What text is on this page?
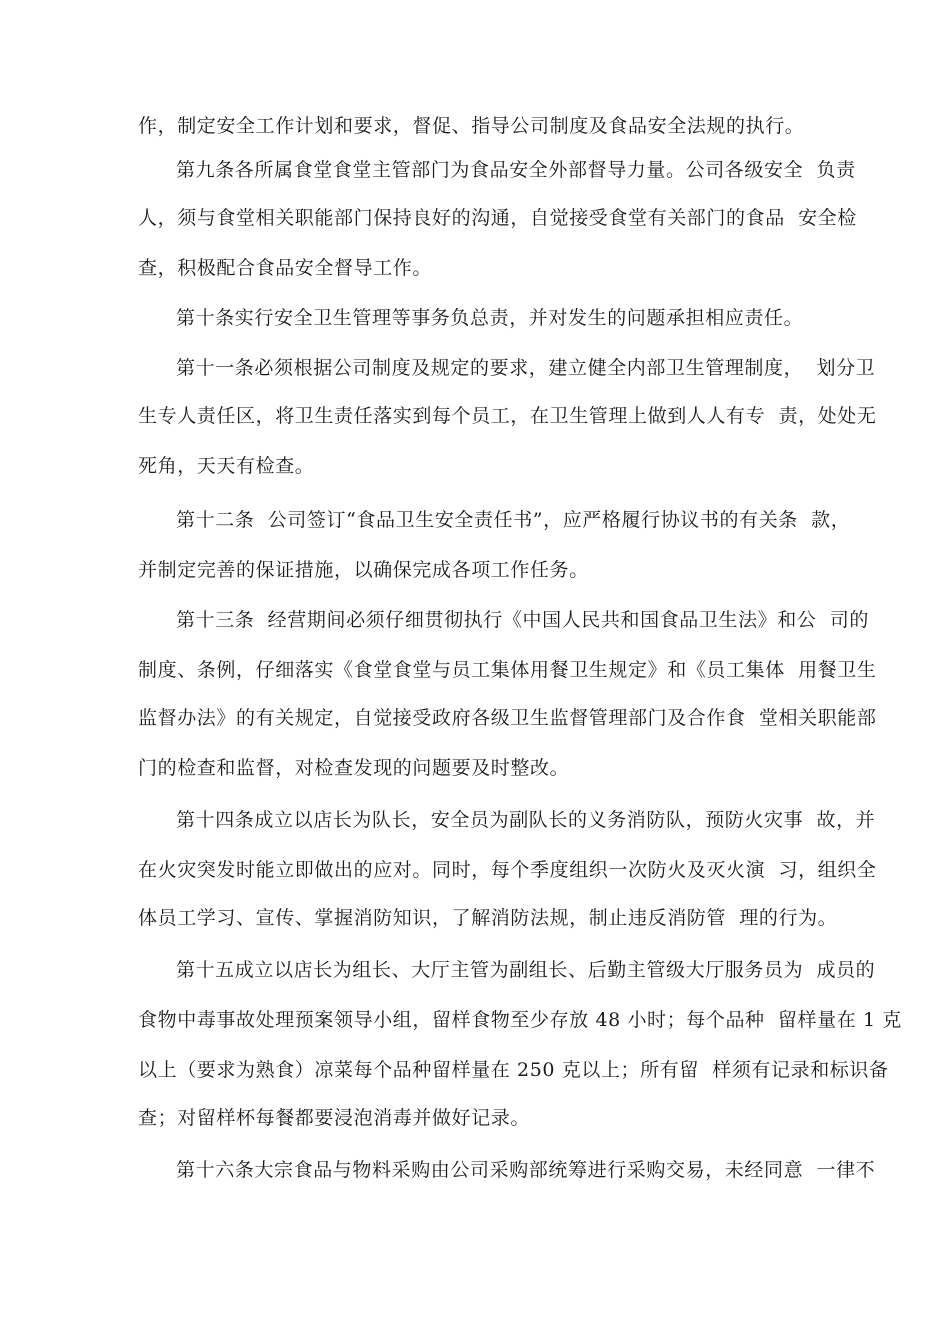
作，制定安全工作计划和要求，督促、指导公司制度及食品安全法规的执行。
第九条各所属食堂食堂主管部门为食品安全外部督导力量。公司各级安全  负责
人，须与食堂相关职能部门保持良好的沟通，自觉接受食堂有关部门的食品  安全检
查，积极配合食品安全督导工作。
第十条实行安全卫生管理等事务负总责，并对发生的问题承担相应责任。
第十一条必须根据公司制度及规定的要求，建立健全内部卫生管理制度，  划分卫
生专人责任区，将卫生责任落实到每个员工，在卫生管理上做到人人有专  责，处处无
死角，天天有检查。
第十二条  公司签订“食品卫生安全责任书”，应严格履行协议书的有关条  款，
并制定完善的保证措施，以确保完成各项工作任务。
第十三条  经营期间必须仔细贯彻执行《中国人民共和国食品卫生法》和公  司的
制度、条例，仔细落实《食堂食堂与员工集体用餐卫生规定》和《员工集体  用餐卫生
监督办法》的有关规定，自觉接受政府各级卫生监督管理部门及合作食  堂相关职能部
门的检查和监督，对检查发现的问题要及时整改。
第十四条成立以店长为队长，安全员为副队长的义务消防队，预防火灾事  故，并
在火灾突发时能立即做出的应对。同时，每个季度组织一次防火及灭火演  习，组织全
体员工学习、宣传、掌握消防知识，了解消防法规，制止违反消防管  理的行为。
第十五成立以店长为组长、大厅主管为副组长、后勤主管级大厅服务员为  成员的
食物中毒事故处理预案领导小组，留样食物至少存放 48 小时；每个品种  留样量在 1 克
以上（要求为熟食）凉菜每个品种留样量在 250 克以上；所有留  样须有记录和标识备
查；对留样杯每餐都要浸泡消毒并做好记录。
第十六条大宗食品与物料采购由公司采购部统筹进行采购交易，未经同意  一律不
